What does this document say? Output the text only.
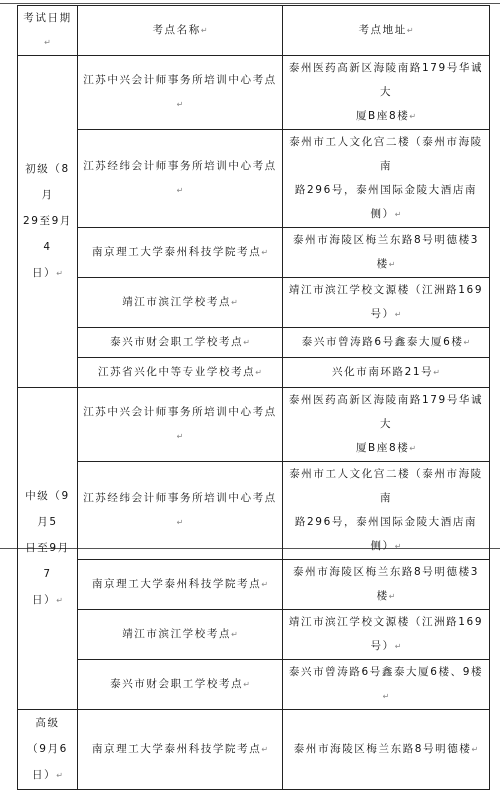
考试日期↵	考点名称↵	考点地址↵
初级（8月
29至9月4
日）↵	江苏中兴会计师事务所培训中心考点↵	泰州医药高新区海陵南路179号华诚大
厦B座8楼↵
	江苏经纬会计师事务所培训中心考点↵	泰州市工人文化宫二楼（泰州市海陵南
路296号，泰州国际金陵大酒店南侧）↵
	南京理工大学泰州科技学院考点↵	泰州市海陵区梅兰东路8号明德楼3楼↵
	靖江市滨江学校考点↵	靖江市滨江学校文源楼（江洲路169号）↵
	泰兴市财会职工学校考点↵	泰兴市曾涛路6号鑫泰大厦6楼↵
	江苏省兴化中等专业学校考点↵	兴化市南环路21号↵
中级（9月5
日至9月7
日）↵	江苏中兴会计师事务所培训中心考点↵	泰州医药高新区海陵南路179号华诚大
厦B座8楼↵
	江苏经纬会计师事务所培训中心考点↵	泰州市工人文化宫二楼（泰州市海陵南
路296号，泰州国际金陵大酒店南侧）↵
	南京理工大学泰州科技学院考点↵	泰州市海陵区梅兰东路8号明德楼3楼↵
	靖江市滨江学校考点↵	靖江市滨江学校文源楼（江洲路169号）↵
	泰兴市财会职工学校考点↵	泰兴市曾涛路6号鑫泰大厦6楼、9楼↵
高级
（9月6日）↵	南京理工大学泰州科技学院考点↵	泰州市海陵区梅兰东路8号明德楼↵
